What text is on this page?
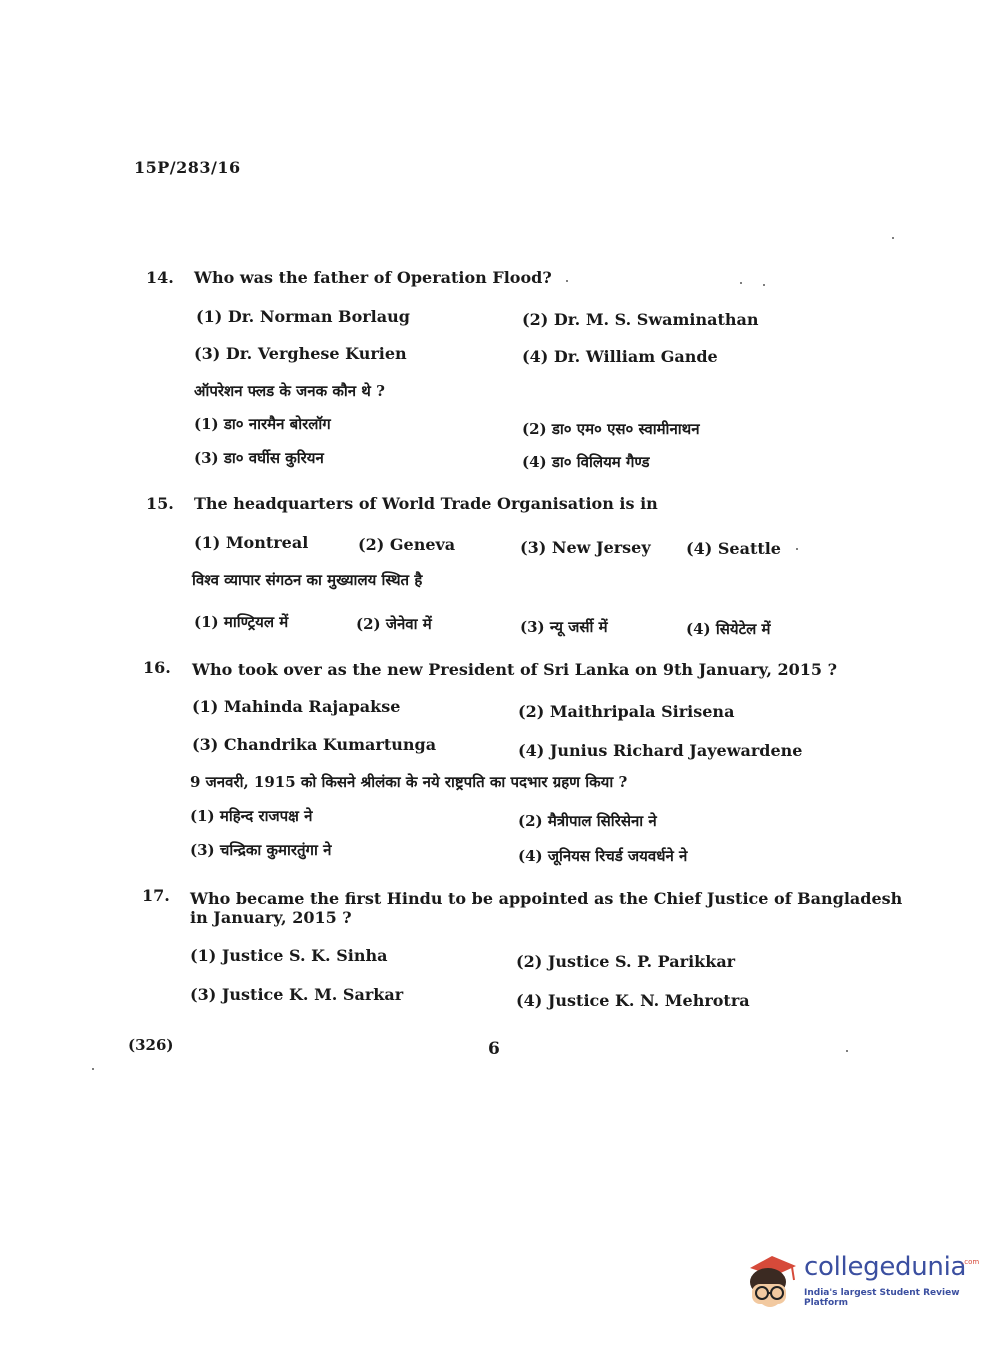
15P/283/16
14. Who was the father of Operation Flood?
(1) Dr. Norman Borlaug	(2) Dr. M. S. Swaminathan
(3) Dr. Verghese Kurien	(4) Dr. William Gande
ऑपरेशन फ्लड के जनक कौन थे ?
(1) डा० नारमैन बोरलॉग	(2) डा० एम० एस० स्वामीनाथन
(3) डा० वर्घीस कुरियन	(4) डा० विलियम गैण्ड
15. The headquarters of World Trade Organisation is in
(1) Montreal	(2) Geneva	(3) New Jersey (4) Seattle
विश्व व्यापार संगठन का मुख्यालय स्थित है
(1) माण्ट्रियल में	(2) जेनेवा में	(3) न्यू जर्सी में	(4) सियेटेल में
16. Who took over as the new President of Sri Lanka on 9th January, 2015 ?
(1) Mahinda Rajapakse	(2) Maithripala Sirisena
(3) Chandrika Kumartunga	(4) Junius Richard Jayewardene
9 जनवरी, 1915 को किसने श्रीलंका के नये राष्ट्रपति का पदभार ग्रहण किया ?
(1) महिन्द राजपक्ष ने	(2) मैत्रीपाल सिरिसेना ने
(3) चन्द्रिका कुमारतुंगा ने	(4) जूनियस रिचर्ड जयवर्धने ने
17. Who became the first Hindu to be appointed as the Chief Justice of Bangladesh
in January, 2015 ?
(1) Justice S. K. Sinha	(2) Justice S. P. Parikkar
(3) Justice K. M. Sarkar	(4) Justice K. N. Mehrotra
(326)	6
collegedunia
.com
India's largest Student Review Platform
